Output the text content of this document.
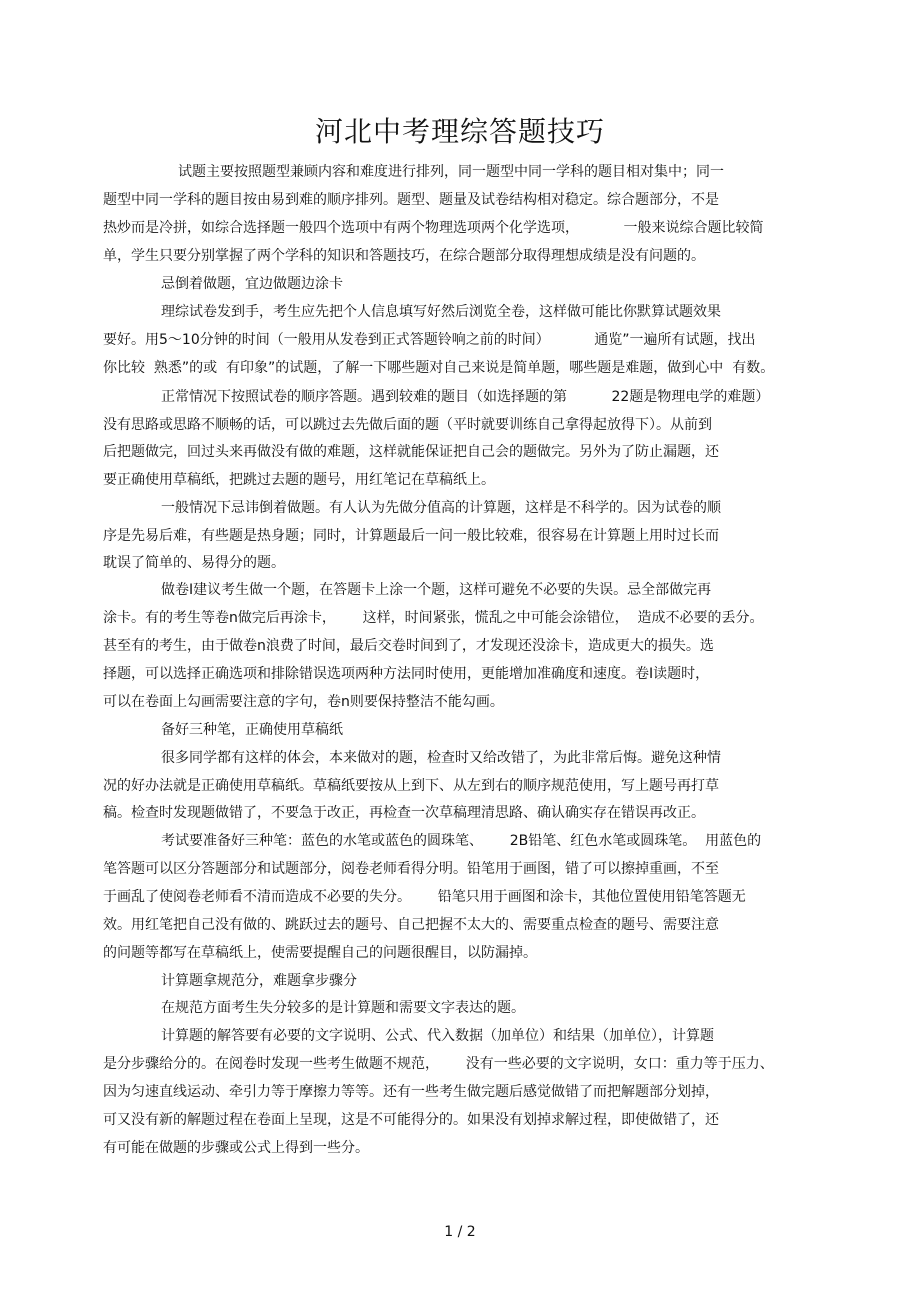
河北中考理综答题技巧
试题主要按照题型兼顾内容和难度进行排列，同一题型中同一学科的题目相对集中；同一
题型中同一学科的题目按由易到难的顺序排列。题型、题量及试卷结构相对稳定。综合题部分，不是
热炒而是冷拼，如综合选择题一般四个选项中有两个物理选项两个化学选项，          一般来说综合题比较简
单，学生只要分别掌握了两个学科的知识和答题技巧，在综合题部分取得理想成绩是没有问题的。
忌倒着做题，宜边做题边涂卡
理综试卷发到手，考生应先把个人信息填写好然后浏览全卷，这样做可能比你默算试题效果
要好。用5～10分钟的时间（一般用从发卷到正式答题铃响之前的时间）          通览”一遍所有试题，找出
你比较  熟悉”的或  有印象”的试题，了解一下哪些题对自己来说是简单题，哪些题是难题，做到心中  有数。
正常情况下按照试卷的顺序答题。遇到较难的题目（如选择题的第          22题是物理电学的难题）
没有思路或思路不顺畅的话，可以跳过去先做后面的题（平时就要训练自己拿得起放得下）。从前到
后把题做完，回过头来再做没有做的难题，这样就能保证把自己会的题做完。另外为了防止漏题，还
要正确使用草稿纸，把跳过去题的题号，用红笔记在草稿纸上。
一般情况下忌讳倒着做题。有人认为先做分值高的计算题，这样是不科学的。因为试卷的顺
序是先易后难，有些题是热身题；同时，计算题最后一问一般比较难，很容易在计算题上用时过长而
耽误了简单的、易得分的题。
做卷I建议考生做一个题，在答题卡上涂一个题，这样可避免不必要的失误。忌全部做完再
涂卡。有的考生等卷n做完后再涂卡，      这样，时间紧张，慌乱之中可能会涂错位，  造成不必要的丢分。
甚至有的考生，由于做卷n浪费了时间，最后交卷时间到了，才发现还没涂卡，造成更大的损失。选
择题，可以选择正确选项和排除错误选项两种方法同时使用，更能增加准确度和速度。卷I读题时，
可以在卷面上勾画需要注意的字句，卷n则要保持整洁不能勾画。
备好三种笔，正确使用草稿纸
很多同学都有这样的体会，本来做对的题，检查时又给改错了，为此非常后悔。避免这种情
况的好办法就是正确使用草稿纸。草稿纸要按从上到下、从左到右的顺序规范使用，写上题号再打草
稿。检查时发现题做错了，不要急于改正，再检查一次草稿理清思路、确认确实存在错误再改正。
考试要准备好三种笔：蓝色的水笔或蓝色的圆珠笔、      2B铅笔、红色水笔或圆珠笔。  用蓝色的
笔答题可以区分答题部分和试题部分，阅卷老师看得分明。铅笔用于画图，错了可以擦掉重画，不至
于画乱了使阅卷老师看不清而造成不必要的失分。      铅笔只用于画图和涂卡，其他位置使用铅笔答题无
效。用红笔把自己没有做的、跳跃过去的题号、自己把握不太大的、需要重点检查的题号、需要注意
的问题等都写在草稿纸上，使需要提醒自己的问题很醒目，以防漏掉。
计算题拿规范分，难题拿步骤分
在规范方面考生失分较多的是计算题和需要文字表达的题。
计算题的解答要有必要的文字说明、公式、代入数据（加单位）和结果（加单位），计算题
是分步骤给分的。在阅卷时发现一些考生做题不规范，      没有一些必要的文字说明，女口：重力等于压力、
因为匀速直线运动、牵引力等于摩擦力等等。还有一些考生做完题后感觉做错了而把解题部分划掉，
可又没有新的解题过程在卷面上呈现，这是不可能得分的。如果没有划掉求解过程，即使做错了，还
有可能在做题的步骤或公式上得到一些分。
1 / 2
